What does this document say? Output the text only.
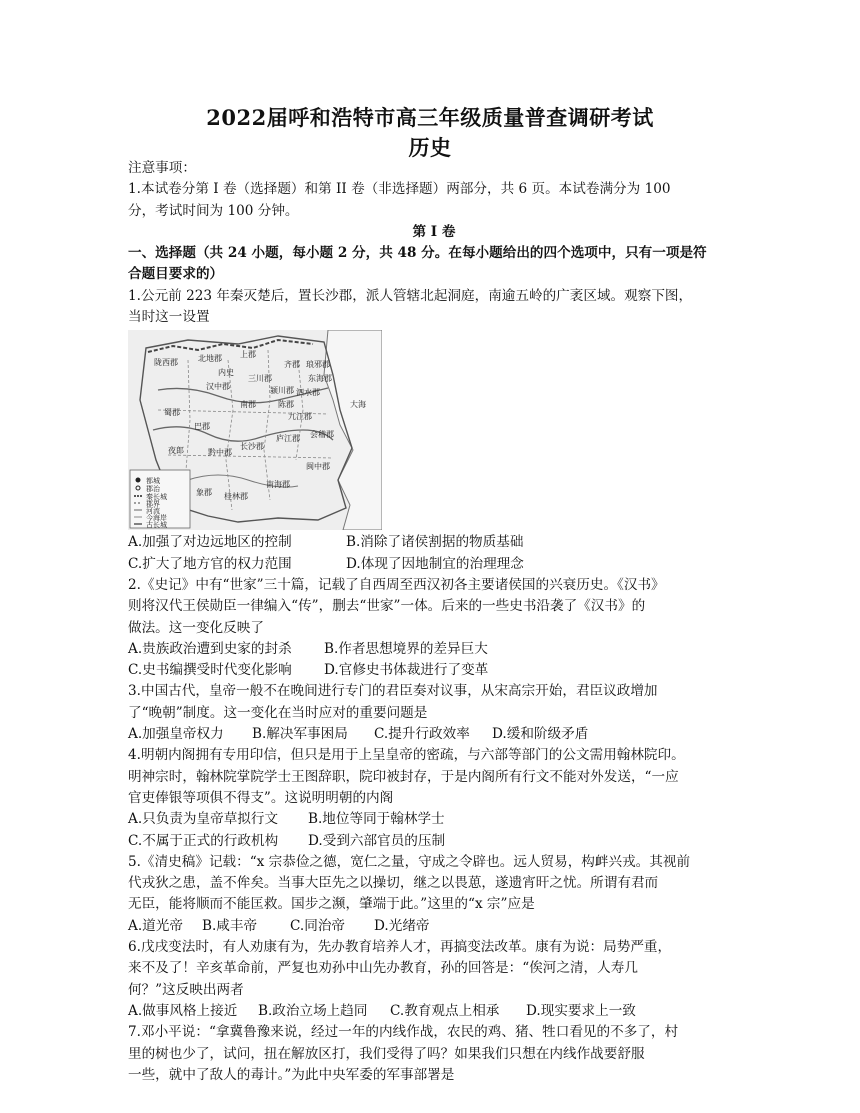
2022届呼和浩特市高三年级质量普查调研考试
历史
注意事项：
1.本试卷分第 I 卷（选择题）和第 II 卷（非选择题）两部分，共 6 页。本试卷满分为 100
分，考试时间为 100 分钟。
第 I 卷
一、选择题（共 24 小题，每小题 2 分，共 48 分。在每小题给出的四个选项中，只有一项是符
合题目要求的）
1.公元前 223 年秦灭楚后，置长沙郡，派人管辖北起洞庭，南逾五岭的广袤区域。观察下图，
当时这一设置
汉中郡
巴郡
蜀郡
南郡
长沙郡
黔中郡
九江郡
庐江郡 会稽郡
桂林郡
闽中郡
南海郡
象郡
夜郎
陇西郡	北地郡
内史
上郡
三川郡
颍川郡
陈郡
泗水郡
东海郡
琅邪郡
齐郡
大海
都城
郡治
秦长城
郡界
河流
今海岸
古长城
A.加强了对边远地区的控制	B.消除了诸侯割据的物质基础
C.扩大了地方官的权力范围	D.体现了因地制宜的治理理念
2.《史记》中有“世家”三十篇，记载了自西周至西汉初各主要诸侯国的兴衰历史。《汉书》
则将汉代王侯勋臣一律编入“传”，删去“世家”一体。后来的一些史书沿袭了《汉书》的
做法。这一变化反映了
A.贵族政治遭到史家的封杀	B.作者思想境界的差异巨大
C.史书编撰受时代变化影响	D.官修史书体裁进行了变革
3.中国古代，皇帝一般不在晚间进行专门的君臣奏对议事，从宋高宗开始，君臣议政增加
了“晚朝”制度。这一变化在当时应对的重要问题是
A.加强皇帝权力	B.解决军事困局	C.提升行政效率	D.缓和阶级矛盾
4.明朝内阁拥有专用印信，但只是用于上呈皇帝的密疏，与六部等部门的公文需用翰林院印。
明神宗时，翰林院掌院学士王图辞职，院印被封存，于是内阁所有行文不能对外发送，“一应
官吏俸银等项俱不得支”。这说明明朝的内阁
A.只负责为皇帝草拟行文	B.地位等同于翰林学士
C.不属于正式的行政机构	D.受到六部官员的压制
5.《清史稿》记载：“x 宗恭俭之德，宽仁之量，守成之令辟也。远人贸易，构衅兴戎。其视前
代戎狄之患，盖不侔矣。当事大臣先之以操切，继之以畏葸，遂遗宵旰之忧。所谓有君而
无臣，能将顺而不能匡救。国步之濒，肇端于此。”这里的“x 宗”应是
A.道光帝	B.咸丰帝	C.同治帝	D.光绪帝
6.戊戌变法时，有人劝康有为，先办教育培养人才，再搞变法改革。康有为说：局势严重，
来不及了！辛亥革命前，严复也劝孙中山先办教育，孙的回答是：“俟河之清，人寿几
何？”这反映出两者
A.做事风格上接近	B.政治立场上趋同	C.教育观点上相承	D.现实要求上一致
7.邓小平说：“拿冀鲁豫来说，经过一年的内线作战，农民的鸡、猪、牲口看见的不多了，村
里的树也少了，试问，扭在解放区打，我们受得了吗？如果我们只想在内线作战要舒服
一些，就中了敌人的毒计。”为此中央军委的军事部署是
